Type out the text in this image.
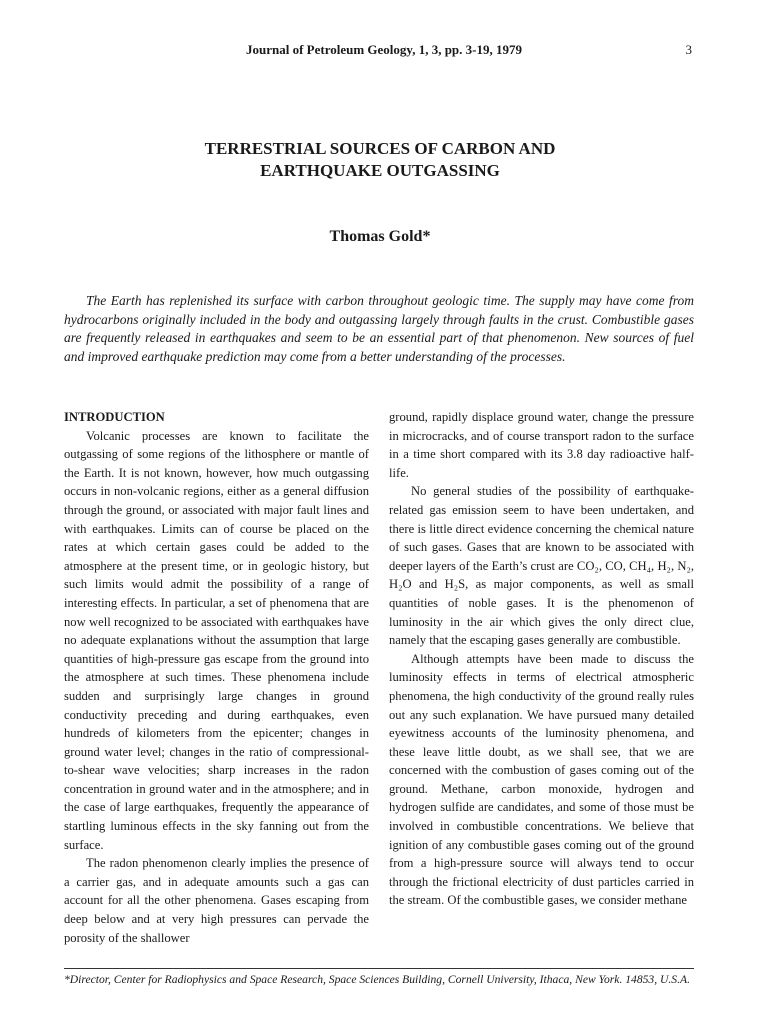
Journal of Petroleum Geology, 1, 3, pp. 3-19, 1979	3
TERRESTRIAL SOURCES OF CARBON AND
EARTHQUAKE OUTGASSING
Thomas Gold*

The Earth has replenished its surface with carbon throughout geologic time. The supply may have come from hydrocarbons originally included in the body and outgassing largely through faults in the crust. Combustible gases are frequently released in earthquakes and seem to be an essential part of that phenomenon. New sources of fuel and improved earthquake prediction may come from a better understanding of the processes.

INTRODUCTION

Volcanic processes are known to facilitate the outgassing of some regions of the lithosphere or mantle of the Earth. It is not known, however, how much outgassing occurs in non-volcanic regions, either as a general diffusion through the ground, or associated with major fault lines and with earthquakes. Limits can of course be placed on the rates at which certain gases could be added to the atmosphere at the present time, or in geologic history, but such limits would admit the possibility of a range of interesting effects. In particular, a set of phenomena that are now well recognized to be associated with earthquakes have no adequate explanations without the assumption that large quantities of high-pressure gas escape from the ground into the atmosphere at such times. These phenomena include sudden and surprisingly large changes in ground conductivity preceding and during earthquakes, even hundreds of kilometers from the epicenter; changes in ground water level; changes in the ratio of compressional-to-shear wave velocities; sharp increases in the radon concentration in ground water and in the atmosphere; and in the case of large earthquakes, frequently the appearance of startling luminous effects in the sky fanning out from the surface.

The radon phenomenon clearly implies the presence of a carrier gas, and in adequate amounts such a gas can account for all the other phenomena. Gases escaping from deep below and at very high pressures can pervade the porosity of the shallower

ground, rapidly displace ground water, change the pressure in microcracks, and of course transport radon to the surface in a time short compared with its 3.8 day radioactive half-life.

No general studies of the possibility of earthquake-related gas emission seem to have been undertaken, and there is little direct evidence concerning the chemical nature of such gases. Gases that are known to be associated with deeper layers of the Earth’s crust are CO₂, CO, CH₄, H₂, N₂, H₂O and H₂S, as major components, as well as small quantities of noble gases. It is the phenomenon of luminosity in the air which gives the only direct clue, namely that the escaping gases generally are combustible.

Although attempts have been made to discuss the luminosity effects in terms of electrical atmospheric phenomena, the high conductivity of the ground really rules out any such explanation. We have pursued many detailed eyewitness accounts of the luminosity phenomena, and these leave little doubt, as we shall see, that we are concerned with the combustion of gases coming out of the ground. Methane, carbon monoxide, hydrogen and hydrogen sulfide are candidates, and some of those must be involved in combustible concentrations. We believe that ignition of any combustible gases coming out of the ground from a high-pressure source will always tend to occur through the frictional electricity of dust particles carried in the stream. Of the combustible gases, we consider methane

*Director, Center for Radiophysics and Space Research, Space Sciences Building, Cornell University, Ithaca, New York. 14853, U.S.A.
